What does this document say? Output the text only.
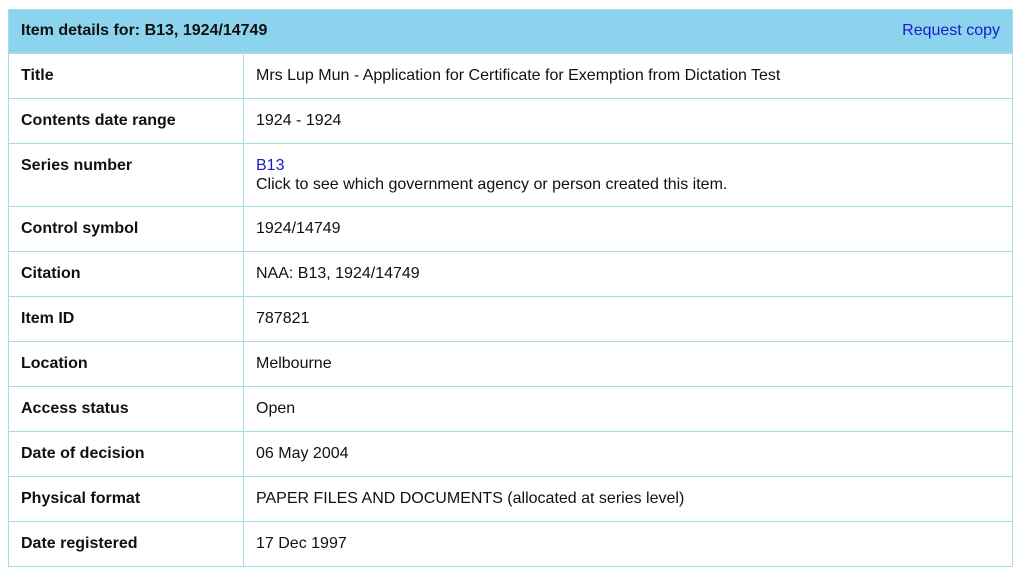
Item details for: B13, 1924/14749	Request copy
Title	Mrs Lup Mun - Application for Certificate for Exemption from Dictation Test
Contents date range	1924 - 1924
Series number	B13
Click to see which government agency or person created this item.
Control symbol	1924/14749
Citation	NAA: B13, 1924/14749
Item ID	787821
Location	Melbourne
Access status	Open
Date of decision	06 May 2004
Physical format	PAPER FILES AND DOCUMENTS (allocated at series level)
Date registered	17 Dec 1997
